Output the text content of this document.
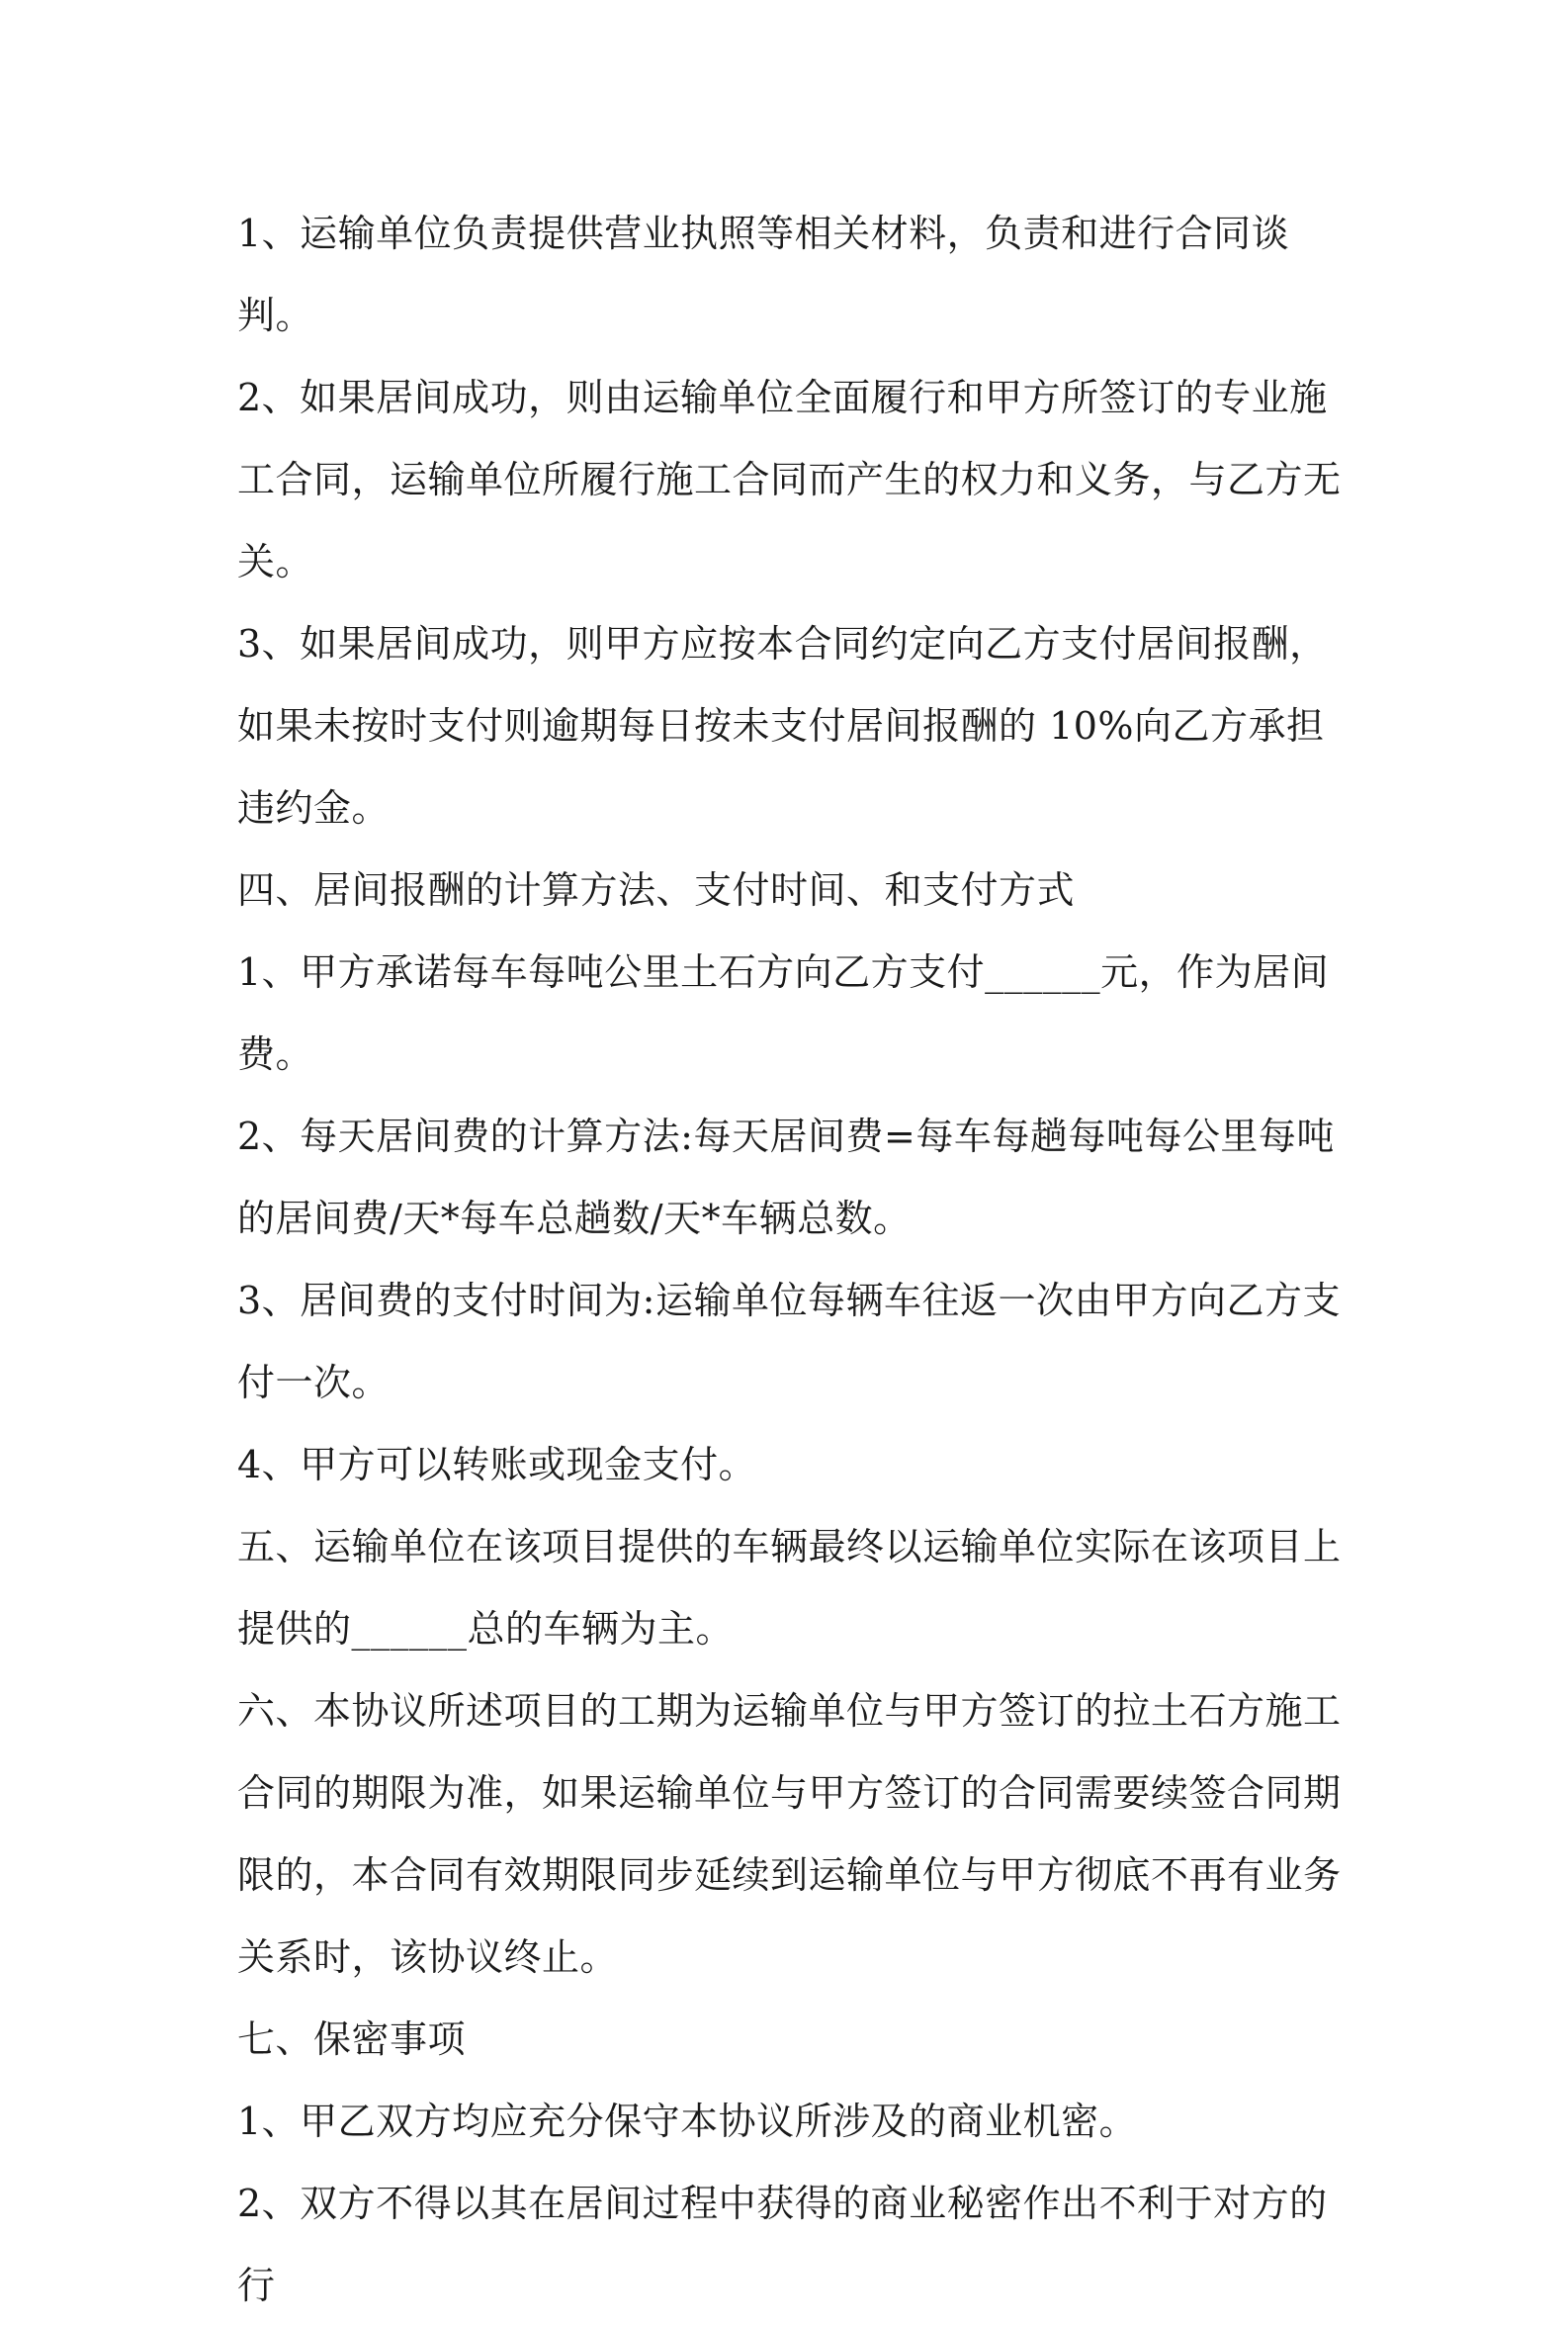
1、运输单位负责提供营业执照等相关材料，负责和进行合同谈判。

2、如果居间成功，则由运输单位全面履行和甲方所签订的专业施工合同，运输单位所履行施工合同而产生的权力和义务，与乙方无关。

3、如果居间成功，则甲方应按本合同约定向乙方支付居间报酬，如果未按时支付则逾期每日按未支付居间报酬的 10%向乙方承担违约金。

四、居间报酬的计算方法、支付时间、和支付方式

1、甲方承诺每车每吨公里土石方向乙方支付______元，作为居间费。

2、每天居间费的计算方法:每天居间费=每车每趟每吨每公里每吨的居间费/天*每车总趟数/天*车辆总数。

3、居间费的支付时间为:运输单位每辆车往返一次由甲方向乙方支付一次。

4、甲方可以转账或现金支付。

五、运输单位在该项目提供的车辆最终以运输单位实际在该项目上提供的______总的车辆为主。

六、本协议所述项目的工期为运输单位与甲方签订的拉土石方施工合同的期限为准，如果运输单位与甲方签订的合同需要续签合同期限的，本合同有效期限同步延续到运输单位与甲方彻底不再有业务关系时，该协议终止。

七、保密事项

1、甲乙双方均应充分保守本协议所涉及的商业机密。

2、双方不得以其在居间过程中获得的商业秘密作出不利于对方的行
